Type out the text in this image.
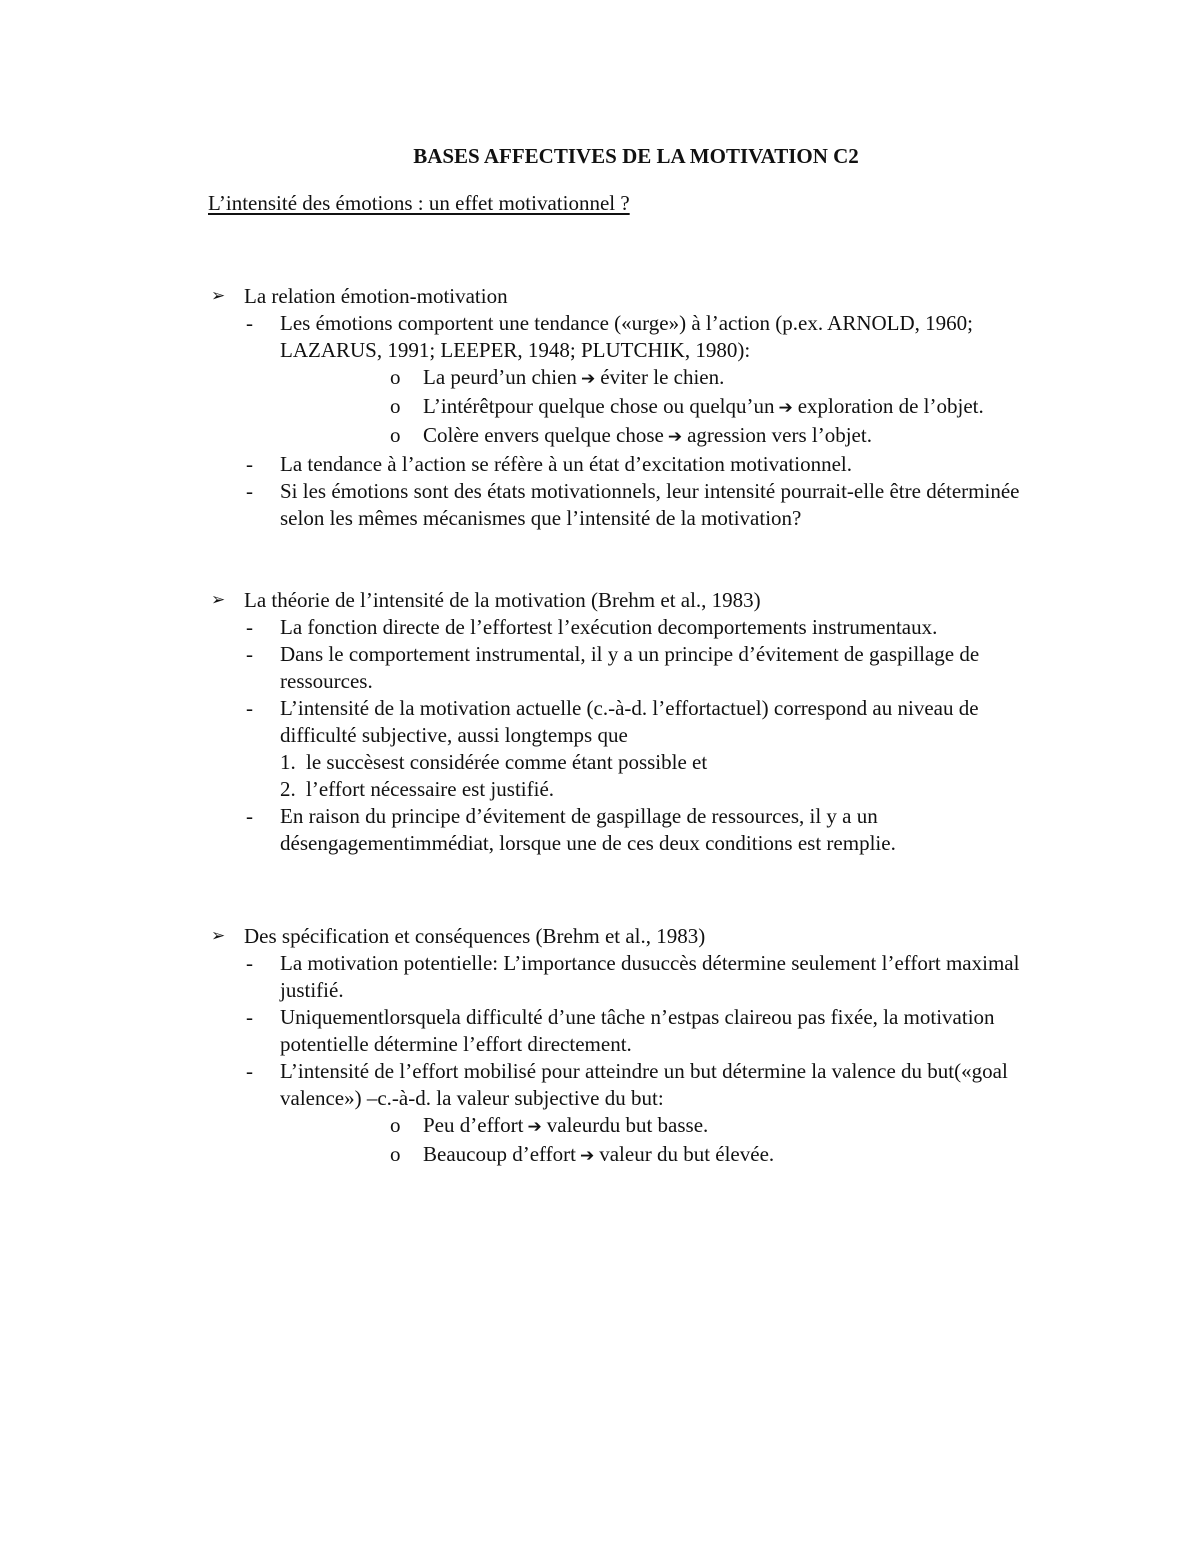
BASES AFFECTIVES DE LA MOTIVATION C2
L’intensité des émotions : un effet motivationnel ?
➢ La relation émotion-motivation
- Les émotions comportent une tendance («urge») à l’action (p.ex. ARNOLD, 1960; LAZARUS, 1991; LEEPER, 1948; PLUTCHIK, 1980):
o La peurd’un chien ➔ éviter le chien.
o L’intérêtpour quelque chose ou quelqu’un ➔ exploration de l’objet.
o Colère envers quelque chose ➔ agression vers l’objet.
- La tendance à l’action se réfère à un état d’excitation motivationnel.
- Si les émotions sont des états motivationnels, leur intensité pourrait-elle être déterminée selon les mêmes mécanismes que l’intensité de la motivation?
➢ La théorie de l’intensité de la motivation (Brehm et al., 1983)
- La fonction directe de l’effortest l’exécution decomportements instrumentaux.
- Dans le comportement instrumental, il y a un principe d’évitement de gaspillage de ressources.
- L’intensité de la motivation actuelle (c.-à-d. l’effortactuel) correspond au niveau de difficulté subjective, aussi longtemps que
1. le succèsest considérée comme étant possible et
2. l’effort nécessaire est justifié.
- En raison du principe d’évitement de gaspillage de ressources, il y a un désengagementimmédiat, lorsque une de ces deux conditions est remplie.
➢ Des spécification et conséquences (Brehm et al., 1983)
- La motivation potentielle: L’importance dusuccès détermine seulement l’effort maximal justifié.
- Uniquementlorsquela difficulté d’une tâche n’estpas claireou pas fixée, la motivation potentielle détermine l’effort directement.
- L’intensité de l’effort mobilisé pour atteindre un but détermine la valence du but(«goal valence») –c.-à-d. la valeur subjective du but:
o Peu d’effort ➔ valeurdu but basse.
o Beaucoup d’effort ➔ valeur du but élevée.
